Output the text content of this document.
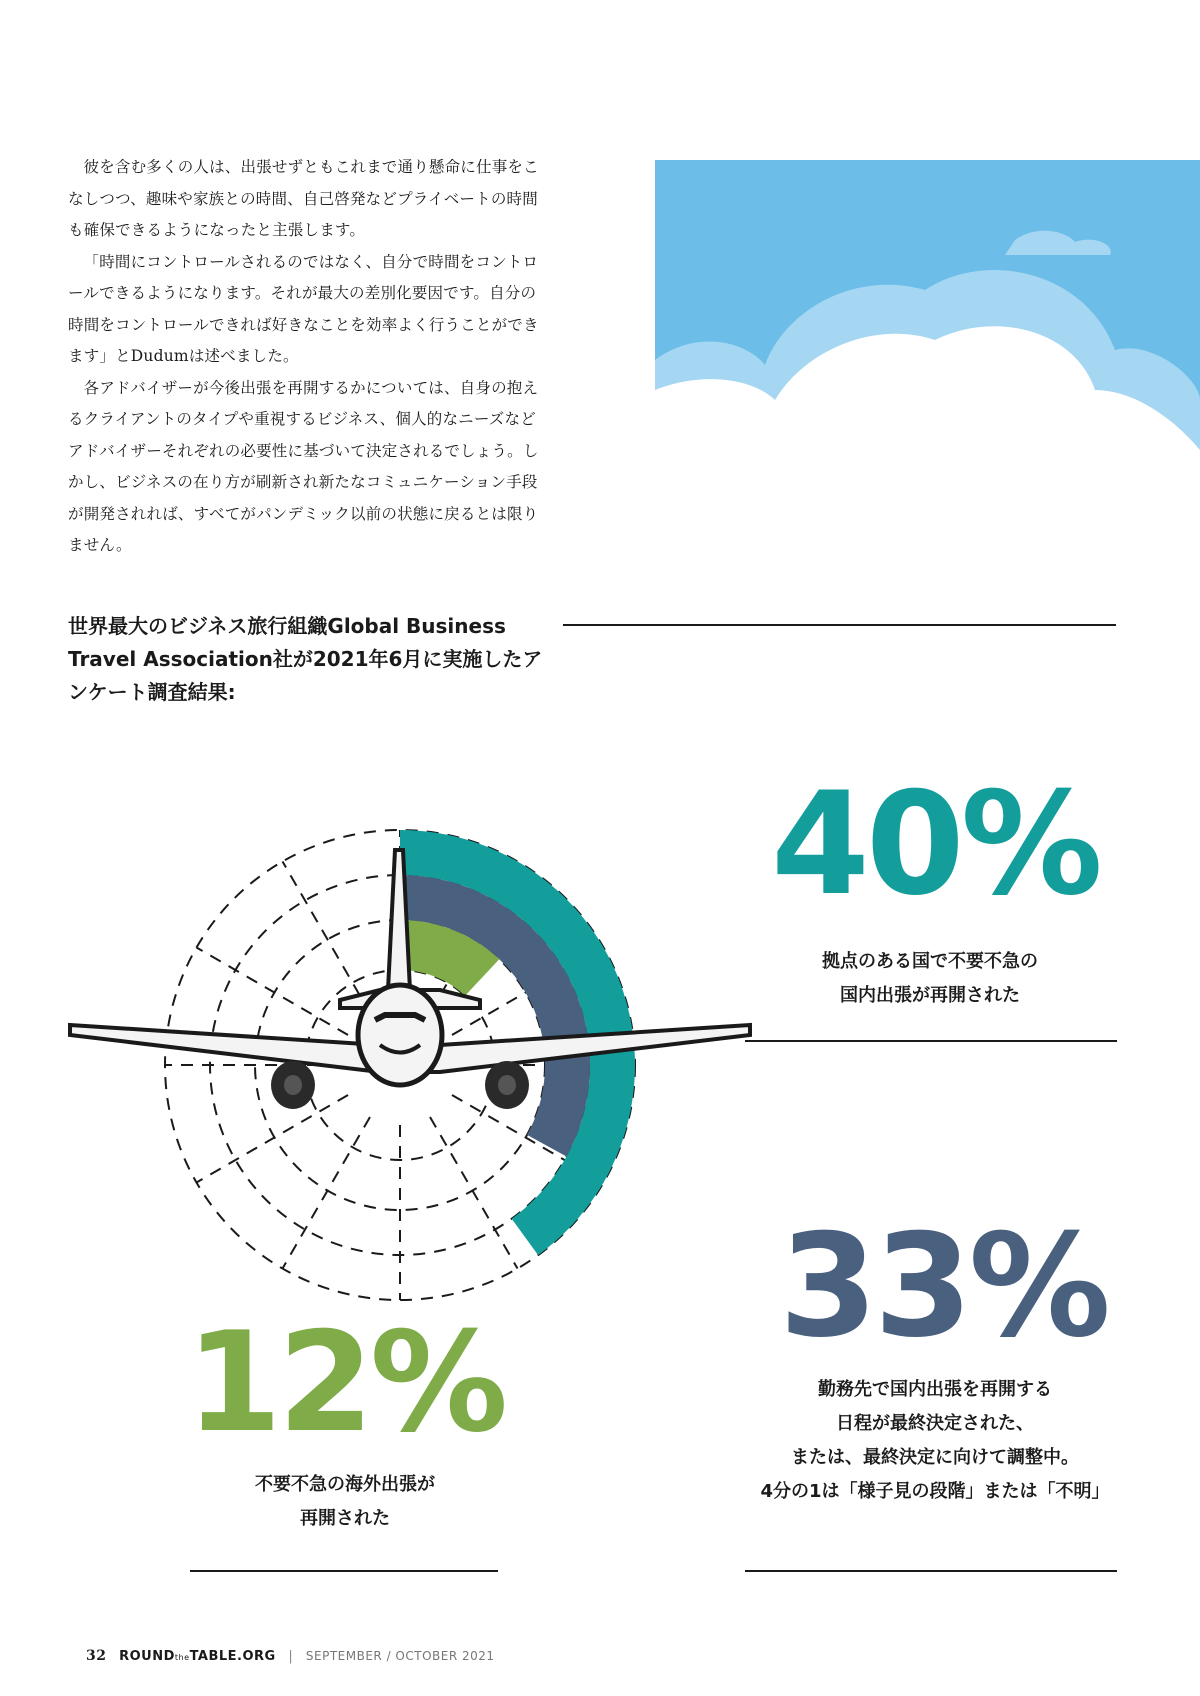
彼を含む多くの人は、出張せずともこれまで通り懸命に仕事をこなしつつ、趣味や家族との時間、自己啓発などプライベートの時間も確保できるようになったと主張します。

「時間にコントロールされるのではなく、自分で時間をコントロールできるようになります。それが最大の差別化要因です。自分の時間をコントロールできれば好きなことを効率よく行うことができます」とDudumは述べました。

各アドバイザーが今後出張を再開するかについては、自身の抱えるクライアントのタイプや重視するビジネス、個人的なニーズなどアドバイザーそれぞれの必要性に基づいて決定されるでしょう。しかし、ビジネスの在り方が刷新され新たなコミュニケーション手段が開発されれば、すべてがパンデミック以前の状態に戻るとは限りません。

世界最大のビジネス旅行組織Global Business Travel Association社が2021年6月に実施したアンケート調査結果:
40%
拠点のある国で不要不急の
国内出張が再開された
33%
勤務先で国内出張を再開する
日程が最終決定された、
または、最終決定に向けて調整中。
4分の1は「様子見の段階」または「不明」
12%
不要不急の海外出張が
再開された
32 ROUNDtheTABLE.ORG | SEPTEMBER / OCTOBER 2021
